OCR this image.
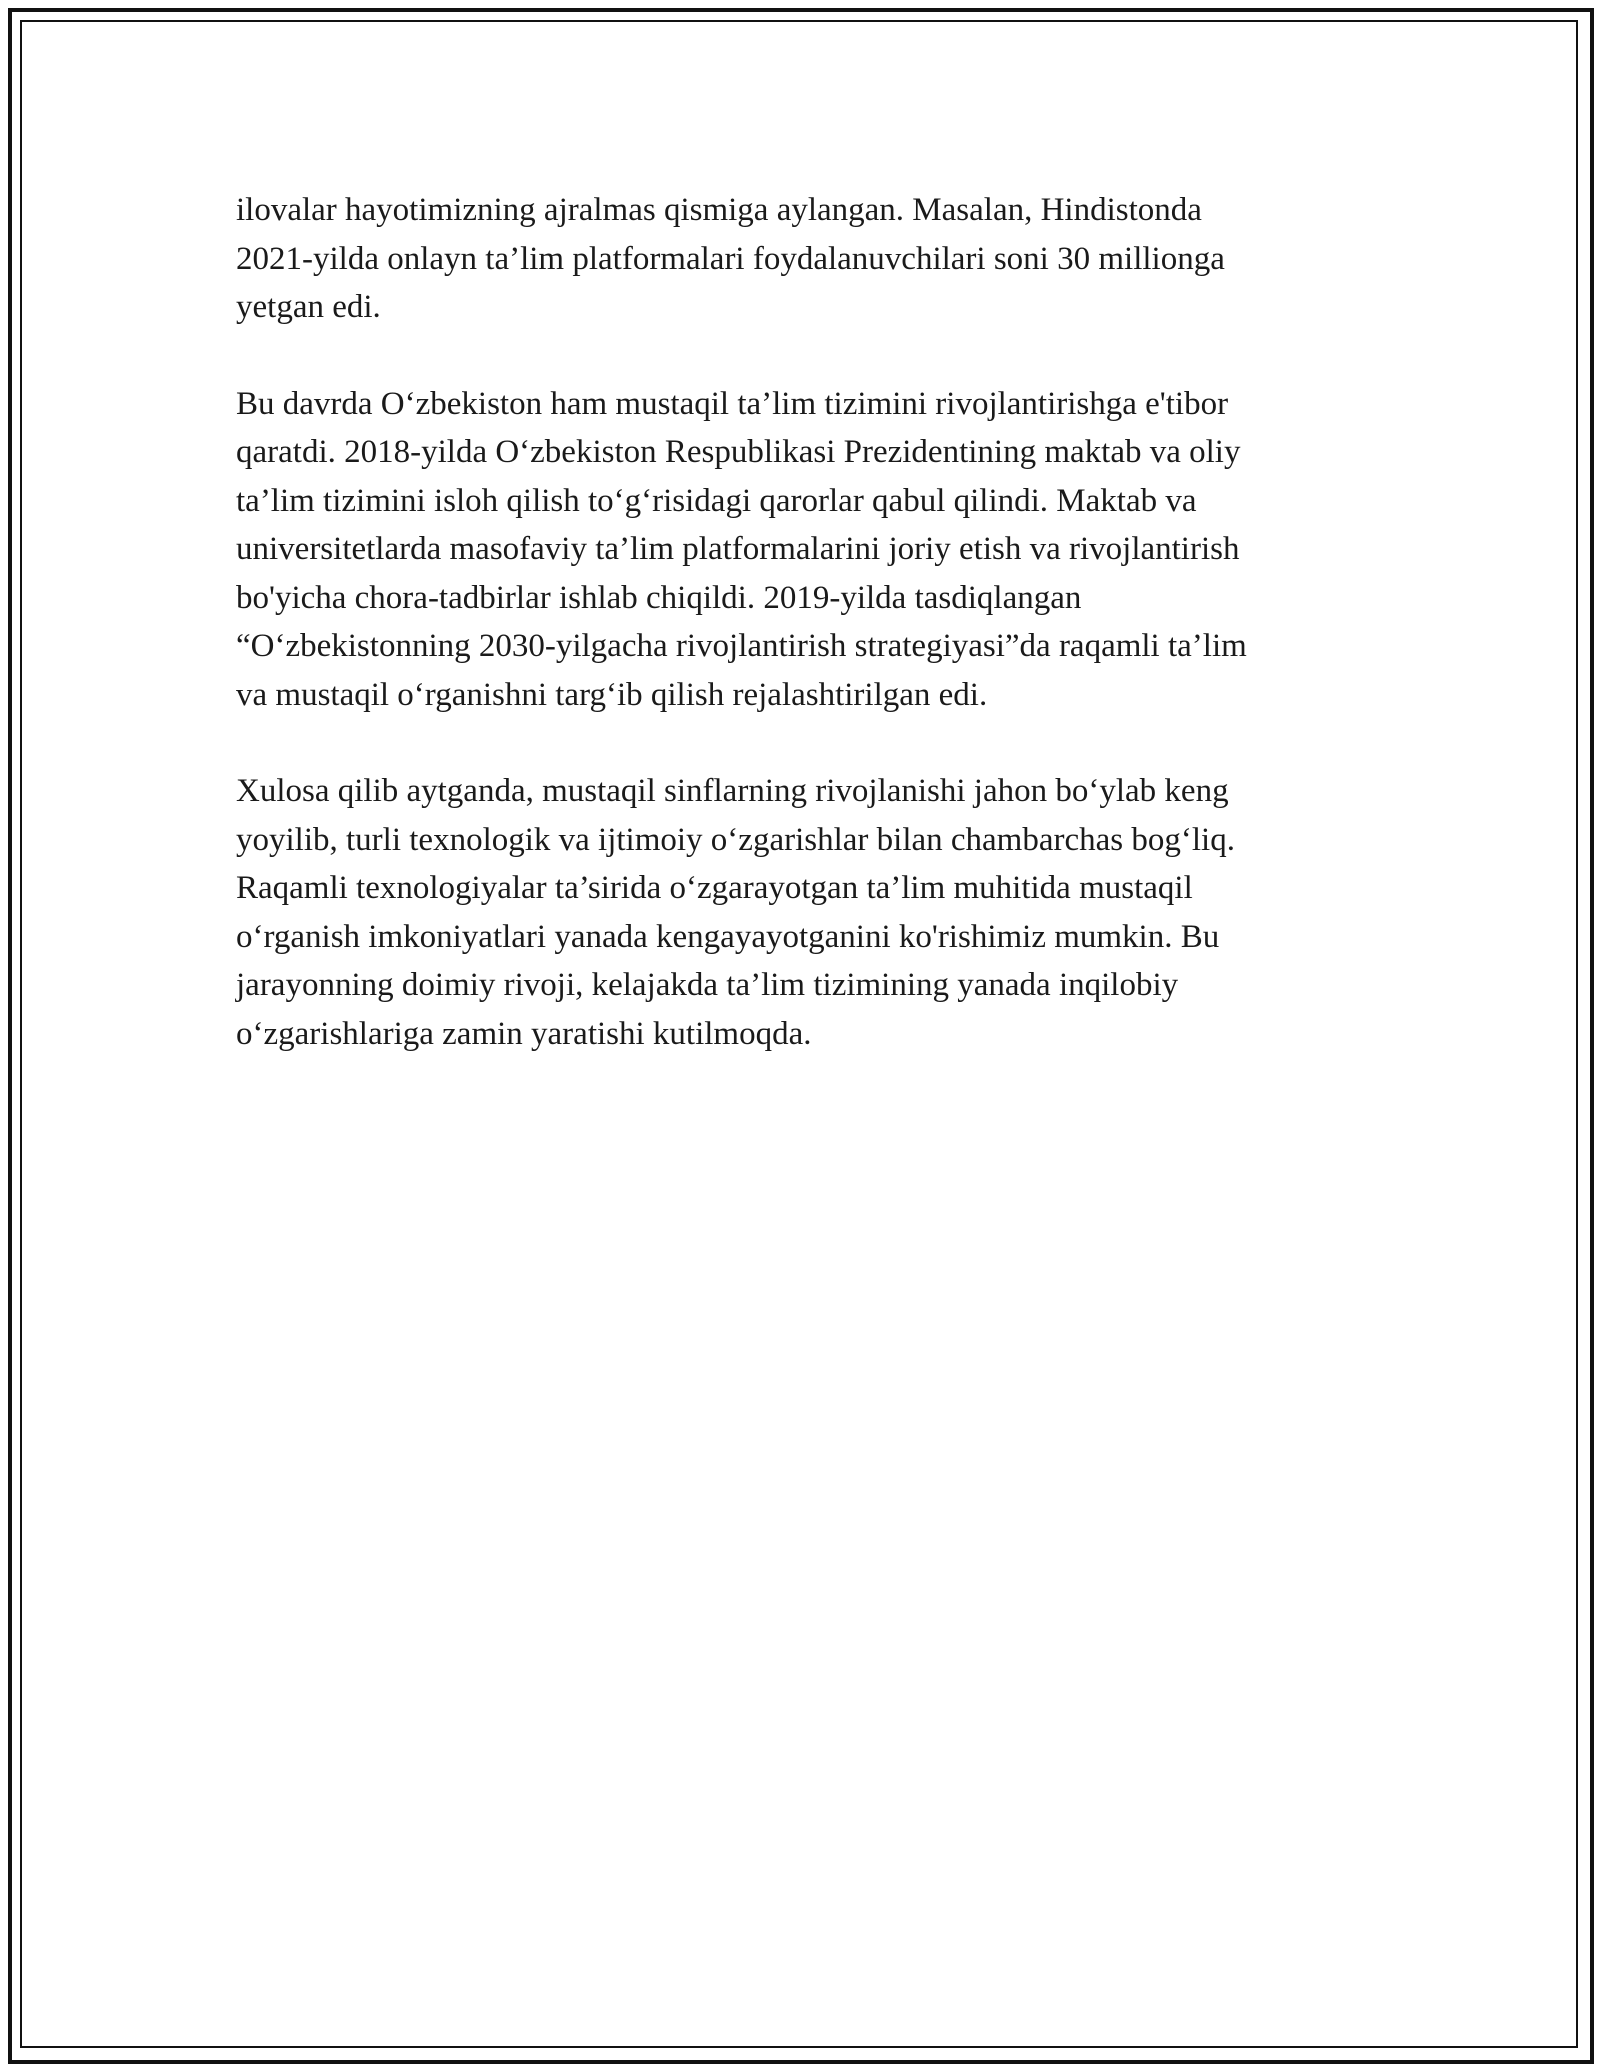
ilovalar hayotimizning ajralmas qismiga aylangan. Masalan, Hindistonda
2021-yilda onlayn ta’lim platformalari foydalanuvchilari soni 30 millionga
yetgan edi.

Bu davrda O‘zbekiston ham mustaqil ta’lim tizimini rivojlantirishga e'tibor
qaratdi. 2018-yilda O‘zbekiston Respublikasi Prezidentining maktab va oliy
ta’lim tizimini isloh qilish to‘g‘risidagi qarorlar qabul qilindi. Maktab va
universitetlarda masofaviy ta’lim platformalarini joriy etish va rivojlantirish
bo'yicha chora-tadbirlar ishlab chiqildi. 2019-yilda tasdiqlangan
“O‘zbekistonning 2030-yilgacha rivojlantirish strategiyasi”da raqamli ta’lim
va mustaqil o‘rganishni targ‘ib qilish rejalashtirilgan edi.

Xulosa qilib aytganda, mustaqil sinflarning rivojlanishi jahon bo‘ylab keng
yoyilib, turli texnologik va ijtimoiy o‘zgarishlar bilan chambarchas bog‘liq.
Raqamli texnologiyalar ta’sirida o‘zgarayotgan ta’lim muhitida mustaqil
o‘rganish imkoniyatlari yanada kengayayotganini ko'rishimiz mumkin. Bu
jarayonning doimiy rivoji, kelajakda ta’lim tizimining yanada inqilobiy
o‘zgarishlariga zamin yaratishi kutilmoqda.
